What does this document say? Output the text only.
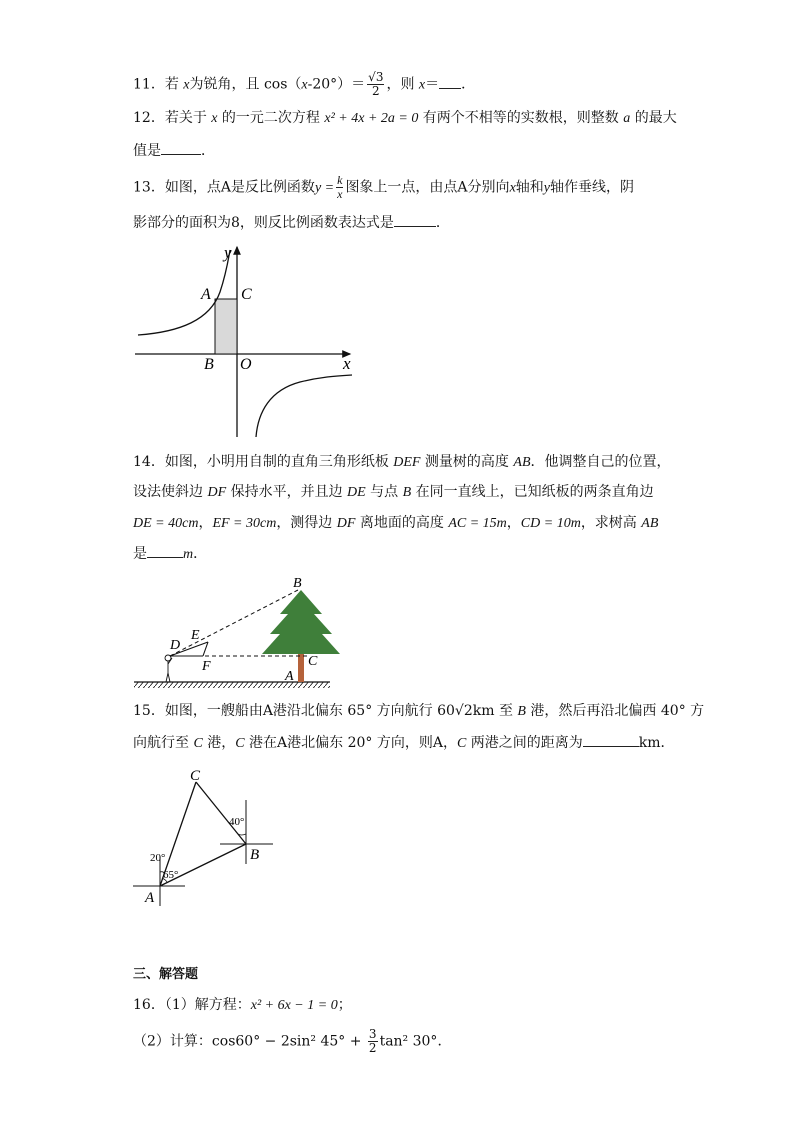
11．若 x为锐角，且 $\cos(x-20^\circ)= \frac{√3}{2}$ ，则 x＝ ．
12．若关于 x 的一元二次方程 x² + 4x + 2a = 0 有两个不相等的实数根，则整数 a 的最大
值是	．
13．如图，点A是反比例函数$y = \frac{k}{x}$ 图象上一点，由点A分别向x轴和y轴作垂线，阴
影部分的面积为8，则反比例函数表达式是	．
y
x
A C
B O
14．如图，小明用自制的直角三角形纸板 DEF 测量树的高度 AB．他调整自己的位置，
设法使斜边 DF 保持水平，并且边 DE 与点 B 在同一直线上，已知纸板的两条直角边
DE = 40cm，EF = 30cm，测得边 DF 离地面的高度 AC = 15m，CD = 10m，求树高 AB
是	m．
B
D
E
F	C
A
15．如图，一艘船由A港沿北偏东 65° 方向航行 60√2km 至 B 港，然后再沿北偏西 40° 方
向航行至 C 港，C 港在A港北偏东 20° 方向，则A，C 两港之间的距离为	km．
C
B
A
40°
20°
65°
三、解答题
16．（1）解方程：x² + 6x − 1 = 0；
（2）计算：cos60° − 2sin² $45^\circ + \frac{3}{2} \tan^2$ 30°．
